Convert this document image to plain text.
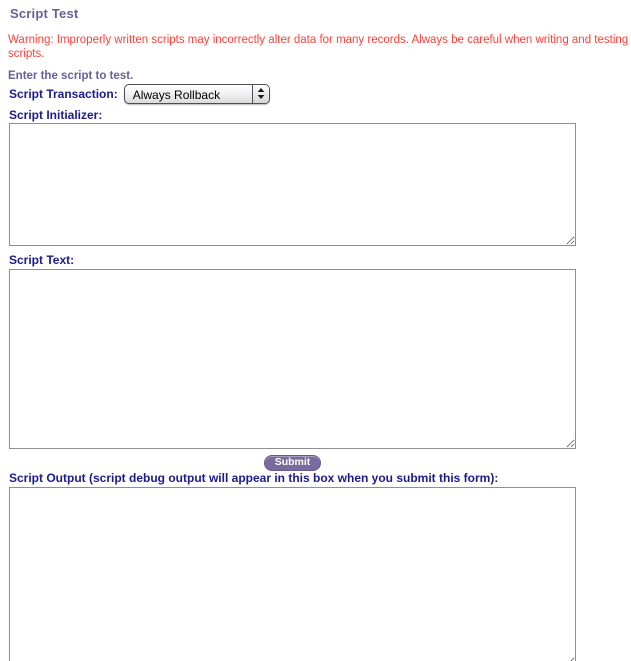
Script Test
Warning: Improperly written scripts may incorrectly alter data for many records. Always be careful when writing and testing scripts.
Enter the script to test.
Script Transaction:	Always Rollback
Script Initializer:
Script Text:
Submit
Script Output (script debug output will appear in this box when you submit this form):
